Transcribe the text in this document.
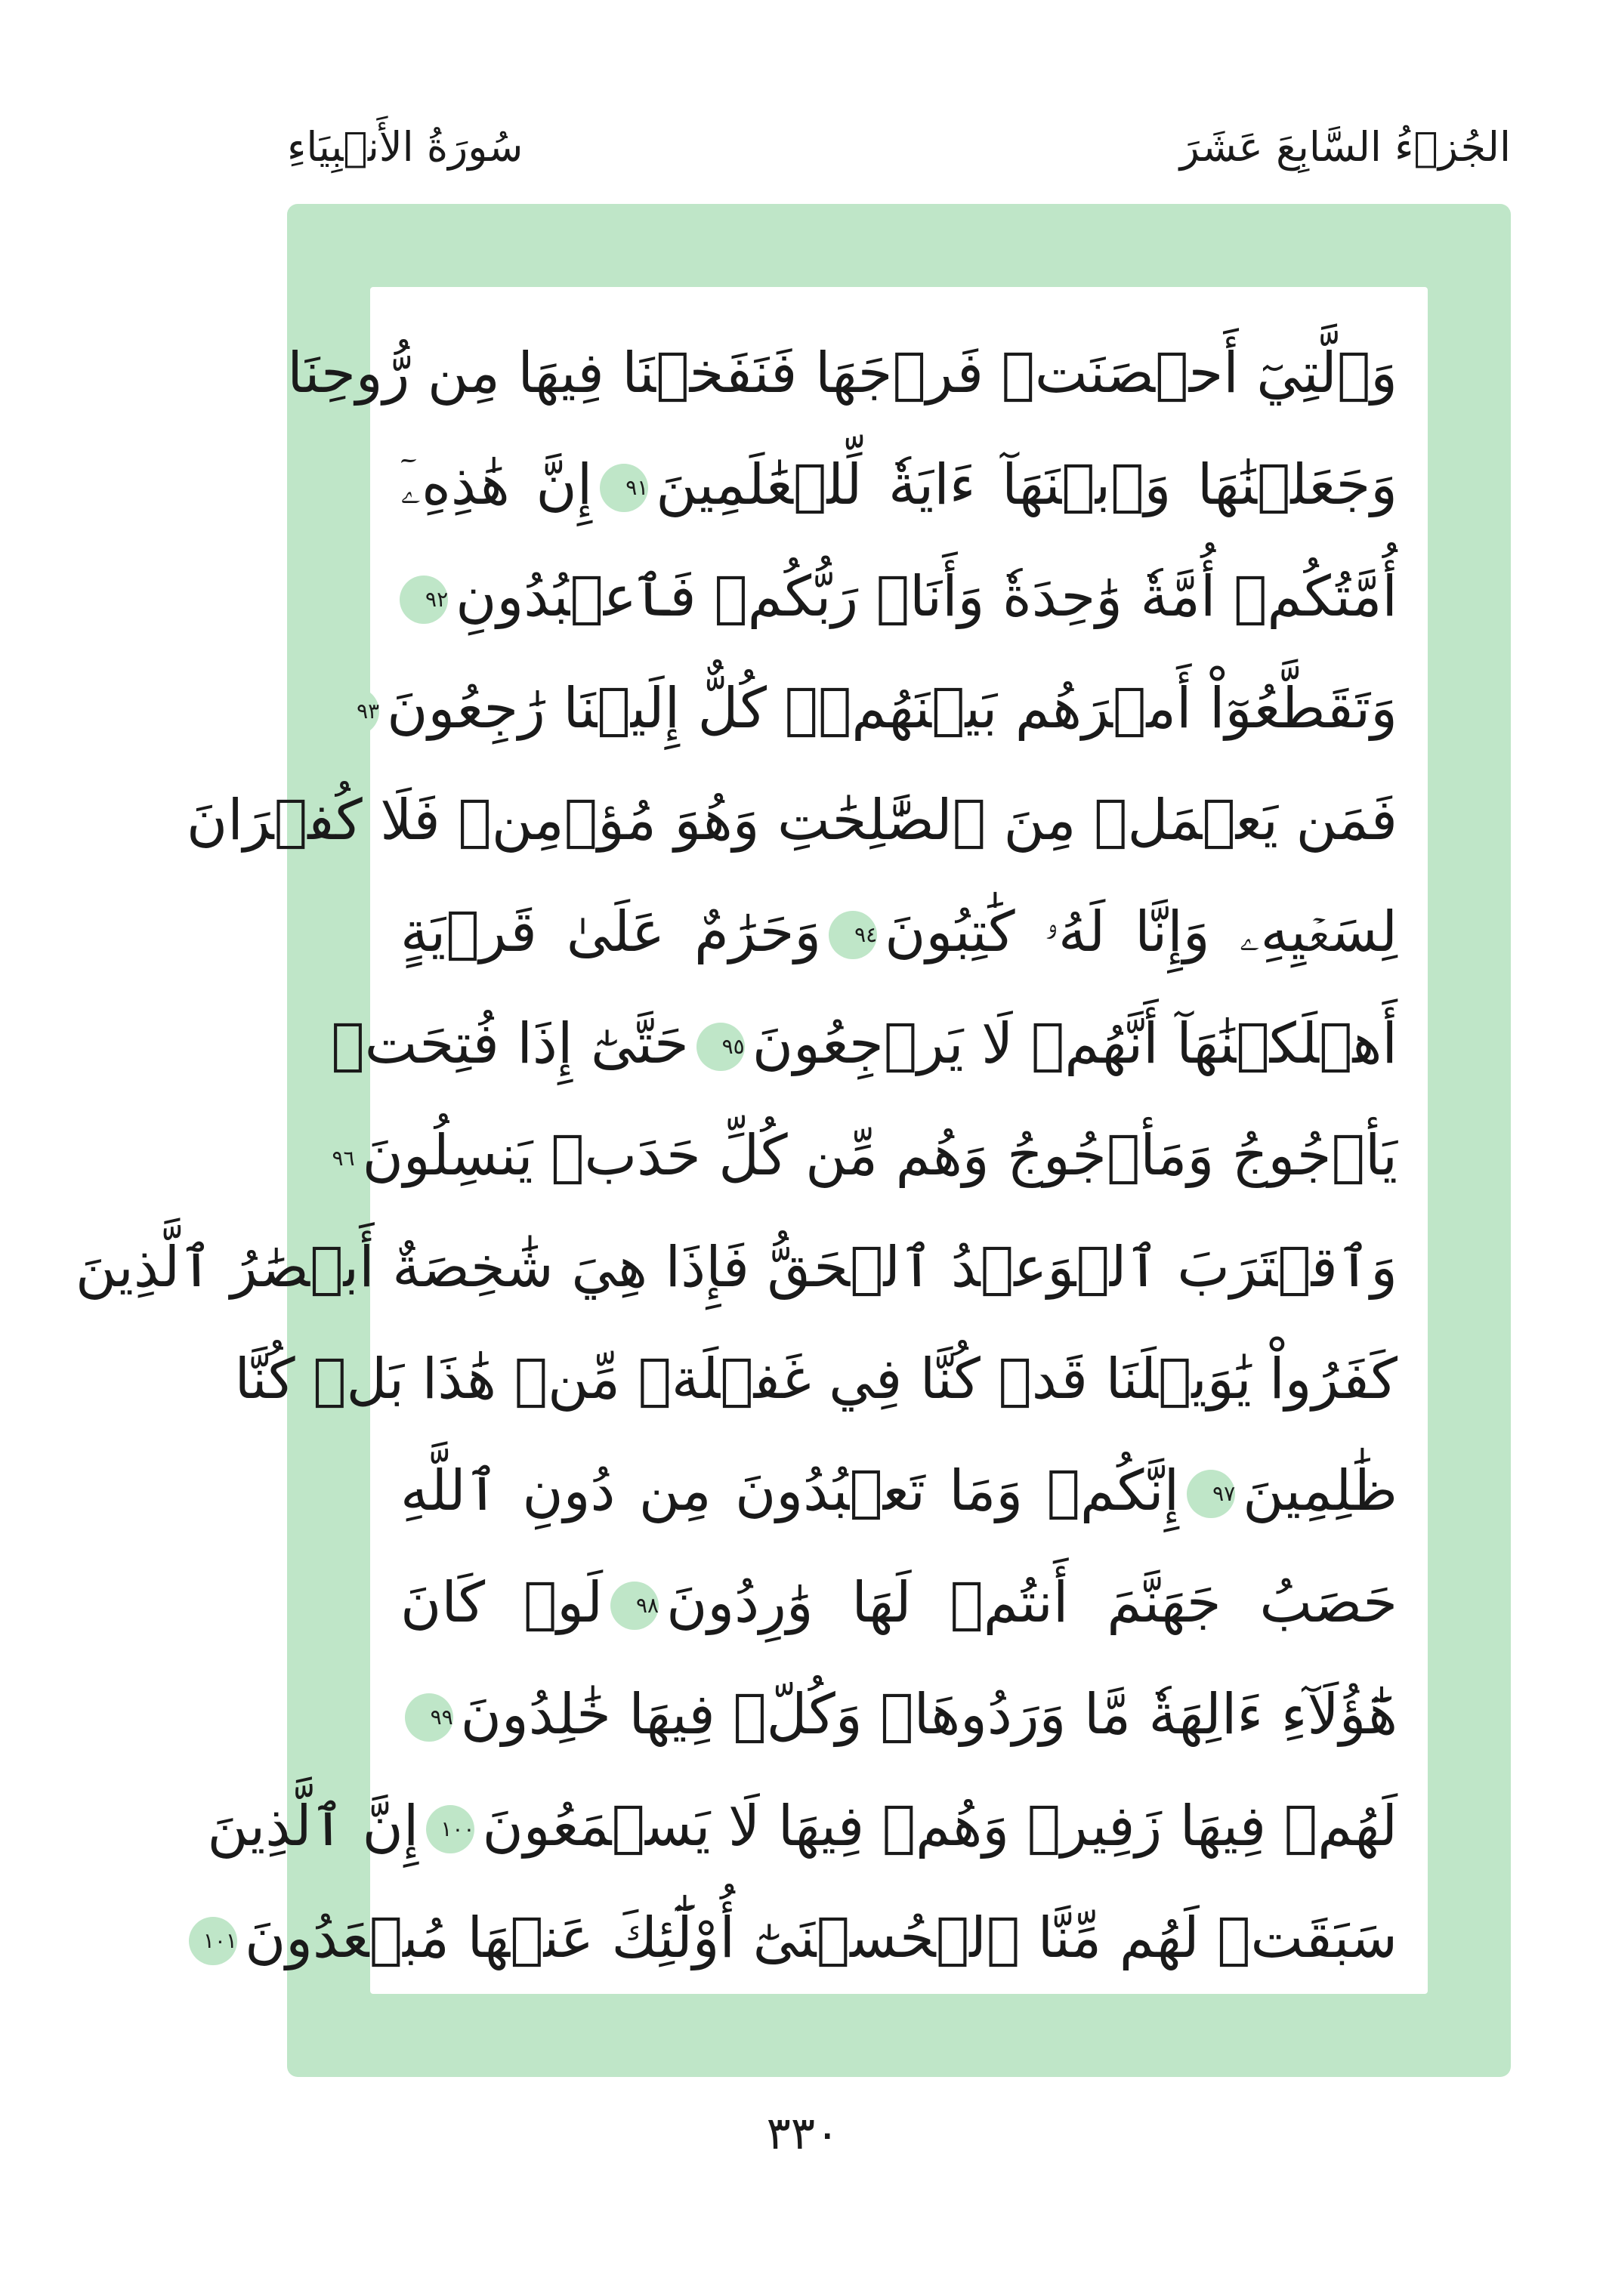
الجُزۡءُ السَّابِعَ عَشَرَ
سُورَةُ الأَنۡبِيَاءِ
وَٱلَّتِيٓ أَحۡصَنَتۡ فَرۡجَهَا فَنَفَخۡنَا فِيهَا مِن رُّوحِنَا
وَجَعَلۡنَٰهَا وَٱبۡنَهَآ ءَايَةٗ لِّلۡعَٰلَمِينَ٩١إِنَّ هَٰذِهِۦٓ
أُمَّتُكُمۡ أُمَّةٗ وَٰحِدَةٗ وَأَنَا۠ رَبُّكُمۡ فَٱعۡبُدُونِ٩٢
وَتَقَطَّعُوٓاْ أَمۡرَهُم بَيۡنَهُمۡۖ كُلٌّ إِلَيۡنَا رَٰجِعُونَ٩٣
فَمَن يَعۡمَلۡ مِنَ ٱلصَّٰلِحَٰتِ وَهُوَ مُؤۡمِنٞ فَلَا كُفۡرَانَ
لِسَعۡيِهِۦ وَإِنَّا لَهُۥ كَٰتِبُونَ٩٤وَحَرَٰمٌ عَلَىٰ قَرۡيَةٍ
أَهۡلَكۡنَٰهَآ أَنَّهُمۡ لَا يَرۡجِعُونَ٩٥حَتَّىٰٓ إِذَا فُتِحَتۡ
يَأۡجُوجُ وَمَأۡجُوجُ وَهُم مِّن كُلِّ حَدَبٖ يَنسِلُونَ٩٦
وَٱقۡتَرَبَ ٱلۡوَعۡدُ ٱلۡحَقُّ فَإِذَا هِيَ شَٰخِصَةٌ أَبۡصَٰرُ ٱلَّذِينَ
كَفَرُواْ يَٰوَيۡلَنَا قَدۡ كُنَّا فِي غَفۡلَةٖ مِّنۡ هَٰذَا بَلۡ كُنَّا
ظَٰلِمِينَ٩٧إِنَّكُمۡ وَمَا تَعۡبُدُونَ مِن دُونِ ٱللَّهِ
حَصَبُ جَهَنَّمَ أَنتُمۡ لَهَا وَٰرِدُونَ٩٨لَوۡ كَانَ
هَٰٓؤُلَآءِ ءَالِهَةٗ مَّا وَرَدُوهَاۖ وَكُلّٞ فِيهَا خَٰلِدُونَ٩٩
لَهُمۡ فِيهَا زَفِيرٞ وَهُمۡ فِيهَا لَا يَسۡمَعُونَ١٠٠إِنَّ ٱلَّذِينَ
سَبَقَتۡ لَهُم مِّنَّا ٱلۡحُسۡنَىٰٓ أُوْلَٰٓئِكَ عَنۡهَا مُبۡعَدُونَ١٠١
٣٣٠
